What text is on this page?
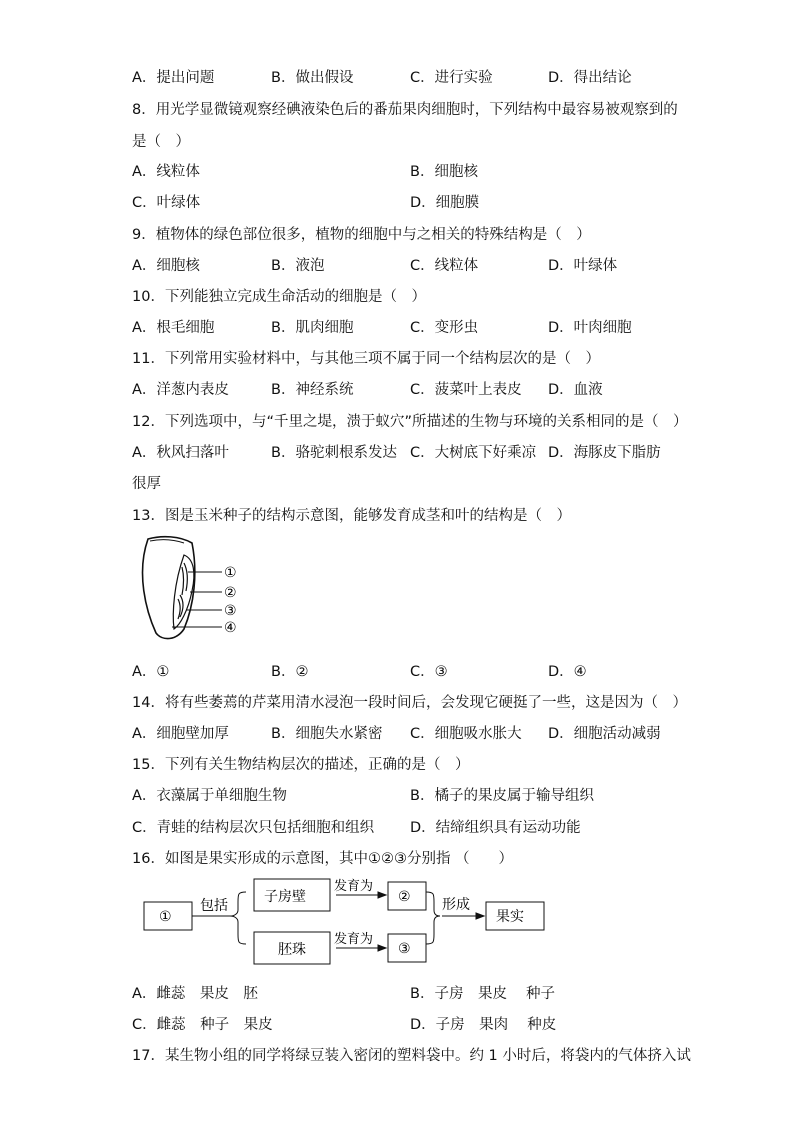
A．提出问题	B．做出假设	C．进行实验	D．得出结论
8．用光学显微镜观察经碘液染色后的番茄果肉细胞时，下列结构中最容易被观察到的
是（　）
A．线粒体	B．细胞核
C．叶绿体	D．细胞膜
9．植物体的绿色部位很多，植物的细胞中与之相关的特殊结构是（　）
A．细胞核	B．液泡	C．线粒体	D．叶绿体
10．下列能独立完成生命活动的细胞是（　）
A．根毛细胞	B．肌肉细胞	C．变形虫	D．叶肉细胞
11．下列常用实验材料中，与其他三项不属于同一个结构层次的是（　）
A．洋葱内表皮	B．神经系统	C．菠菜叶上表皮 D．血液
12．下列选项中，与“千里之堤，溃于蚁穴”所描述的生物与环境的关系相同的是（　）
A．秋风扫落叶	B．骆驼刺根系发达 C．大树底下好乘凉 D．海豚皮下脂肪
很厚
13．图是玉米种子的结构示意图，能够发育成茎和叶的结构是（　）
①
②
③
④
A．①	B．②	C．③	D．④
14．将有些萎蔫的芹菜用清水浸泡一段时间后，会发现它硬挺了一些，这是因为（　）
A．细胞壁加厚	B．细胞失水紧密 C．细胞吸水胀大 D．细胞活动减弱
15．下列有关生物结构层次的描述，正确的是（　）
A．衣藻属于单细胞生物	B．橘子的果皮属于输导组织
C．青蛙的结构层次只包括细胞和组织 D．结缔组织具有运动功能
16．如图是果实形成的示意图，其中①②③分别指 （　　）
①
包括
子房壁
胚珠
发育为
发育为
②
③
形成
果实
A．雌蕊　果皮　胚	B．子房　果皮　 种子
C．雌蕊　种子　果皮	D．子房　果肉　 种皮
17．某生物小组的同学将绿豆装入密闭的塑料袋中。约 1 小时后，将袋内的气体挤入试
